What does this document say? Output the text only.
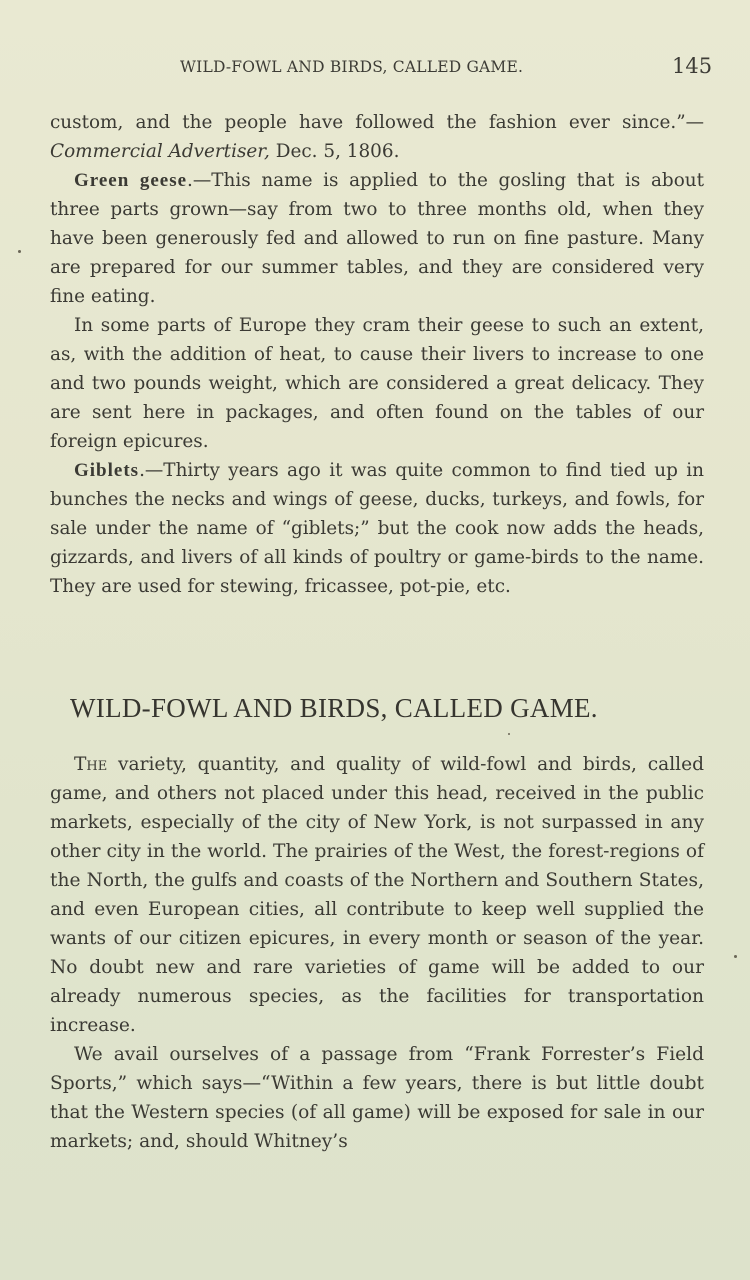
WILD-FOWL AND BIRDS, CALLED GAME.	145

custom, and the people have followed the fashion ever since.”—Commercial Advertiser, Dec. 5, 1806.

Green geese.—This name is applied to the gosling that is about three parts grown—say from two to three months old, when they have been generously fed and allowed to run on fine pasture. Many are prepared for our summer tables, and they are considered very fine eating.

In some parts of Europe they cram their geese to such an extent, as, with the addition of heat, to cause their livers to increase to one and two pounds weight, which are considered a great delicacy. They are sent here in packages, and often found on the tables of our foreign epicures.

Giblets.—Thirty years ago it was quite common to find tied up in bunches the necks and wings of geese, ducks, turkeys, and fowls, for sale under the name of “giblets;” but the cook now adds the heads, gizzards, and livers of all kinds of poultry or game-birds to the name. They are used for stewing, fricassee, pot-pie, etc.

WILD-FOWL AND BIRDS, CALLED GAME.

The variety, quantity, and quality of wild-fowl and birds, called game, and others not placed under this head, received in the public markets, especially of the city of New York, is not surpassed in any other city in the world. The prairies of the West, the forest-regions of the North, the gulfs and coasts of the Northern and Southern States, and even European cities, all contribute to keep well supplied the wants of our citizen epicures, in every month or season of the year. No doubt new and rare varieties of game will be added to our already numerous species, as the facilities for transportation increase.

We avail ourselves of a passage from “Frank Forrester’s Field Sports,” which says—“Within a few years, there is but little doubt that the Western species (of all game) will be exposed for sale in our markets; and, should Whitney’s
